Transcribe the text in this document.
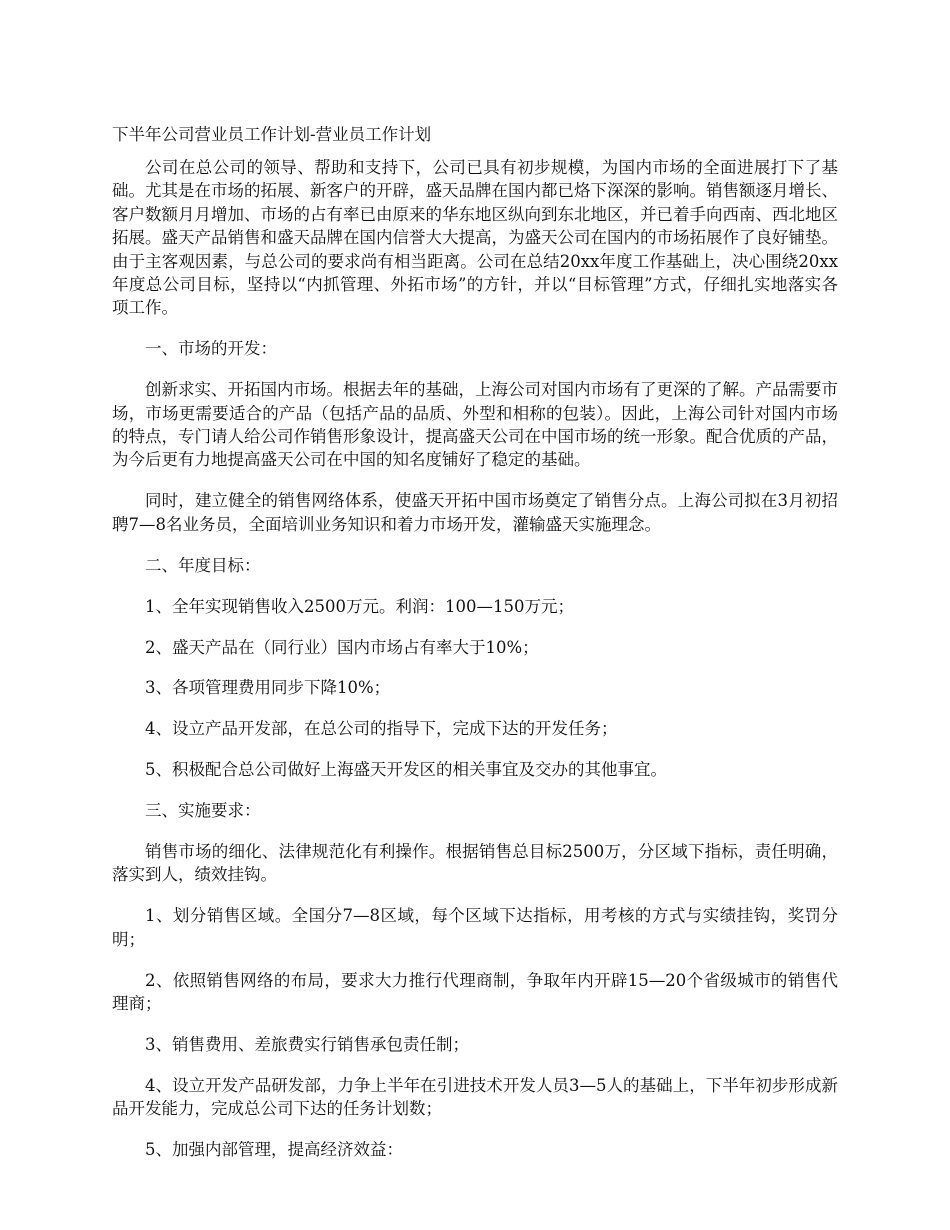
下半年公司营业员工作计划-营业员工作计划

公司在总公司的领导、帮助和支持下，公司已具有初步规模，为国内市场的全面进展打下了基础。尤其是在市场的拓展、新客户的开辟，盛天品牌在国内都已烙下深深的影响。销售额逐月增长、客户数额月月增加、市场的占有率已由原来的华东地区纵向到东北地区，并已着手向西南、西北地区拓展。盛天产品销售和盛天品牌在国内信誉大大提高，为盛天公司在国内的市场拓展作了良好铺垫。由于主客观因素，与总公司的要求尚有相当距离。公司在总结20xx年度工作基础上，决心围绕20xx年度总公司目标，坚持以“内抓管理、外拓市场”的方针，并以“目标管理”方式，仔细扎实地落实各项工作。

一、市场的开发：

创新求实、开拓国内市场。根据去年的基础，上海公司对国内市场有了更深的了解。产品需要市场，市场更需要适合的产品（包括产品的品质、外型和相称的包装）。因此，上海公司针对国内市场的特点，专门请人给公司作销售形象设计，提高盛天公司在中国市场的统一形象。配合优质的产品，为今后更有力地提高盛天公司在中国的知名度铺好了稳定的基础。

同时，建立健全的销售网络体系，使盛天开拓中国市场奠定了销售分点。上海公司拟在3月初招聘7—8名业务员，全面培训业务知识和着力市场开发，灌输盛天实施理念。

二、年度目标：

1、全年实现销售收入2500万元。利润：100—150万元；

2、盛天产品在（同行业）国内市场占有率大于10%；

3、各项管理费用同步下降10%；

4、设立产品开发部，在总公司的指导下，完成下达的开发任务；

5、积极配合总公司做好上海盛天开发区的相关事宜及交办的其他事宜。

三、实施要求：

销售市场的细化、法律规范化有利操作。根据销售总目标2500万，分区域下指标，责任明确，落实到人，绩效挂钩。

1、划分销售区域。全国分7—8区域，每个区域下达指标，用考核的方式与实绩挂钩，奖罚分明；

2、依照销售网络的布局，要求大力推行代理商制，争取年内开辟15—20个省级城市的销售代理商；

3、销售费用、差旅费实行销售承包责任制；

4、设立开发产品研发部，力争上半年在引进技术开发人员3—5人的基础上，下半年初步形成新品开发能力，完成总公司下达的任务计划数；

5、加强内部管理，提高经济效益：
